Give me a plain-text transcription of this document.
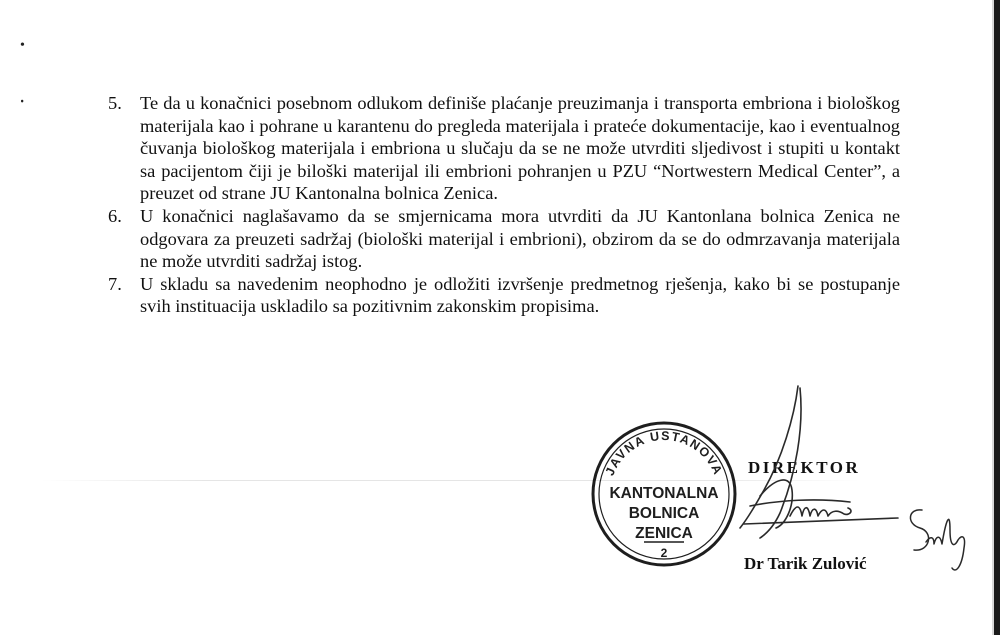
•
ꞏ	5. Te da u konačnici posebnom odlukom definiše plaćanje preuzimanja i transporta embriona i biološkog materijala kao i pohrane u karantenu do pregleda materijala i prateće dokumentacije, kao i eventualnog čuvanja biološkog materijala i embriona u slučaju da se ne može utvrditi sljedivost i stupiti u kontakt sa pacijentom čiji je biloški materijal ili embrioni pohranjen u PZU “Nortwestern Medical Center”, a preuzet od strane JU Kantonalna bolnica Zenica.
6. U konačnici naglašavamo da se smjernicama mora utvrditi da JU Kantonlana bolnica Zenica ne odgovara za preuzeti sadržaj (biološki materijal i embrioni), obzirom da se do odmrzavanja materijala ne može utvrditi sadržaj istog.
7. U skladu sa navedenim neophodno je odložiti izvršenje predmetnog rješenja, kako bi se postupanje svih instituacija uskladilo sa pozitivnim zakonskim propisima.
JAVNA USTANOVA
KANTONALNA
BOLNICA
ZENICA
2
DIREKTOR
Dr Tarik Zulović
